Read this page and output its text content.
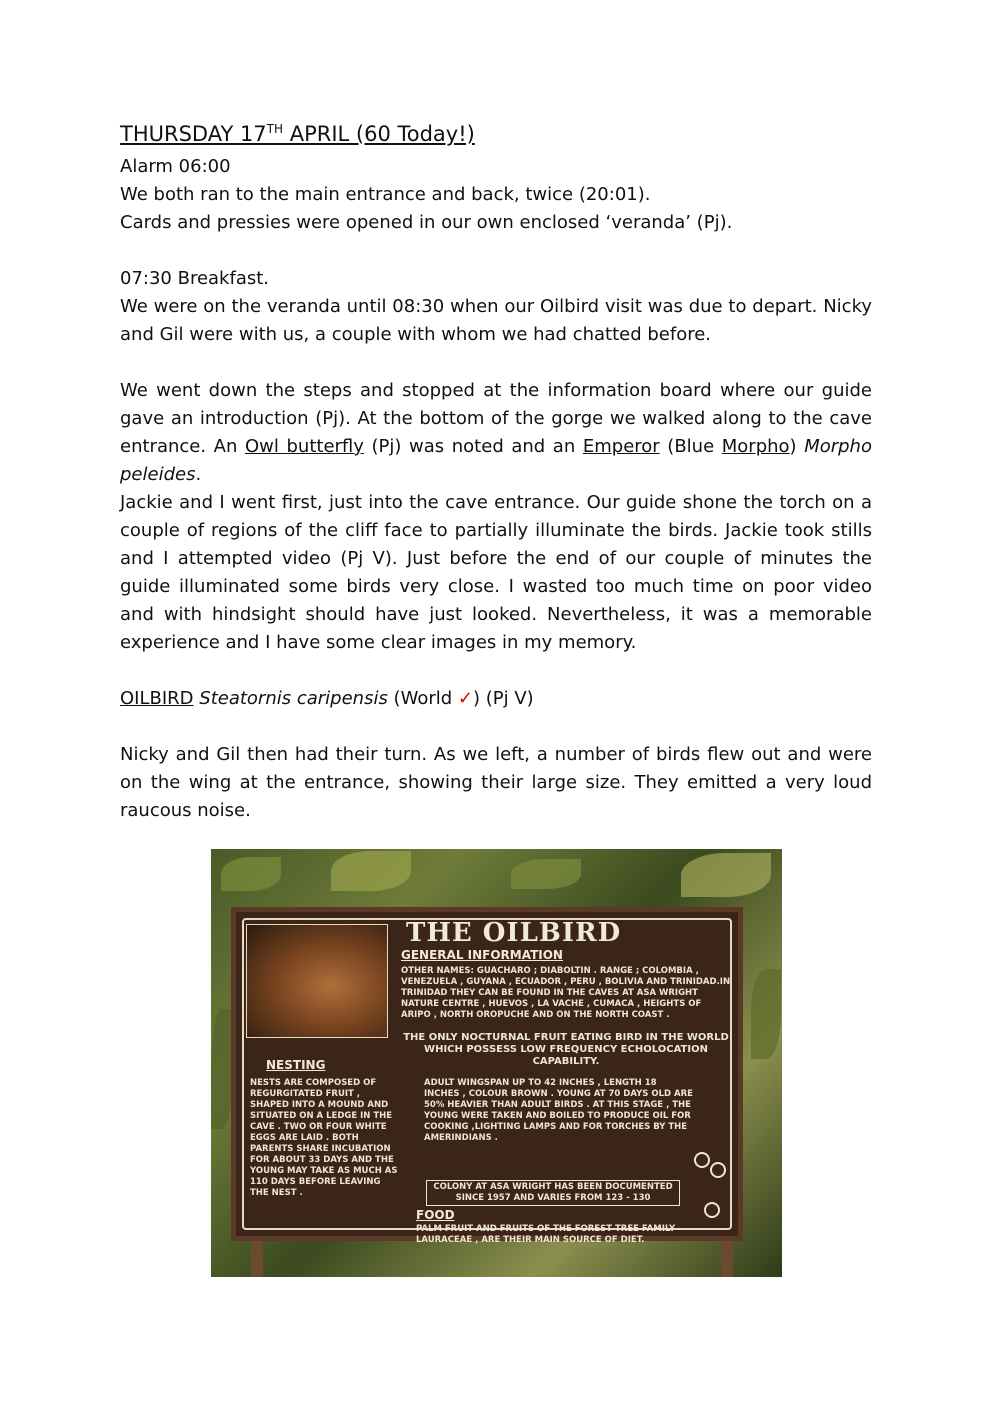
THURSDAY 17TH APRIL (60 Today!)
Alarm 06:00
We both ran to the main entrance and back, twice (20:01).
Cards and pressies were opened in our own enclosed ‘veranda’ (Pj).
07:30 Breakfast.

We were on the veranda until 08:30 when our Oilbird visit was due to depart. Nicky and Gil were with us, a couple with whom we had chatted before.

We went down the steps and stopped at the information board where our guide gave an introduction (Pj). At the bottom of the gorge we walked along to the cave entrance. An Owl butterfly (Pj) was noted and an Emperor (Blue Morpho) Morpho peleides.
Jackie and I went first, just into the cave entrance. Our guide shone the torch on a couple of regions of the cliff face to partially illuminate the birds. Jackie took stills and I attempted video (Pj V). Just before the end of our couple of minutes the guide illuminated some birds very close. I wasted too much time on poor video and with hindsight should have just looked. Nevertheless, it was a memorable experience and I have some clear images in my memory.
OILBIRD Steatornis caripensis (World ✓) (Pj V)
Nicky and Gil then had their turn. As we left, a number of birds flew out and were on the wing at the entrance, showing their large size. They emitted a very loud raucous noise.
THE OILBIRD
GENERAL INFORMATION
OTHER NAMES: GUACHARO ; DIABOLTIN . RANGE ; COLOMBIA , VENEZUELA , GUYANA , ECUADOR , PERU , BOLIVIA AND TRINIDAD.IN TRINIDAD THEY CAN BE FOUND IN THE CAVES AT ASA WRIGHT NATURE CENTRE , HUEVOS , LA VACHE , CUMACA , HEIGHTS OF ARIPO , NORTH OROPUCHE AND ON THE NORTH COAST .
THE ONLY NOCTURNAL FRUIT EATING BIRD IN THE WORLD WHICH POSSESS LOW FREQUENCY ECHOLOCATION CAPABILITY.
NESTING
NESTS ARE COMPOSED OF REGURGITATED FRUIT , SHAPED INTO A MOUND AND SITUATED ON A LEDGE IN THE CAVE . TWO OR FOUR WHITE EGGS ARE LAID . BOTH PARENTS SHARE INCUBATION FOR ABOUT 33 DAYS AND THE YOUNG MAY TAKE AS MUCH AS 110 DAYS BEFORE LEAVING THE NEST .
ADULT WINGSPAN UP TO 42 INCHES , LENGTH 18 INCHES , COLOUR BROWN . YOUNG AT 70 DAYS OLD ARE 50% HEAVIER THAN ADULT BIRDS . AT THIS STAGE , THE YOUNG WERE TAKEN AND BOILED TO PRODUCE OIL FOR COOKING ,LIGHTING LAMPS AND FOR TORCHES BY THE AMERINDIANS .
COLONY AT ASA WRIGHT HAS BEEN DOCUMENTED SINCE 1957 AND VARIES FROM 123 - 130
FOOD
PALM FRUIT AND FRUITS OF THE FOREST TREE FAMILY LAURACEAE , ARE THEIR MAIN SOURCE OF DIET.
